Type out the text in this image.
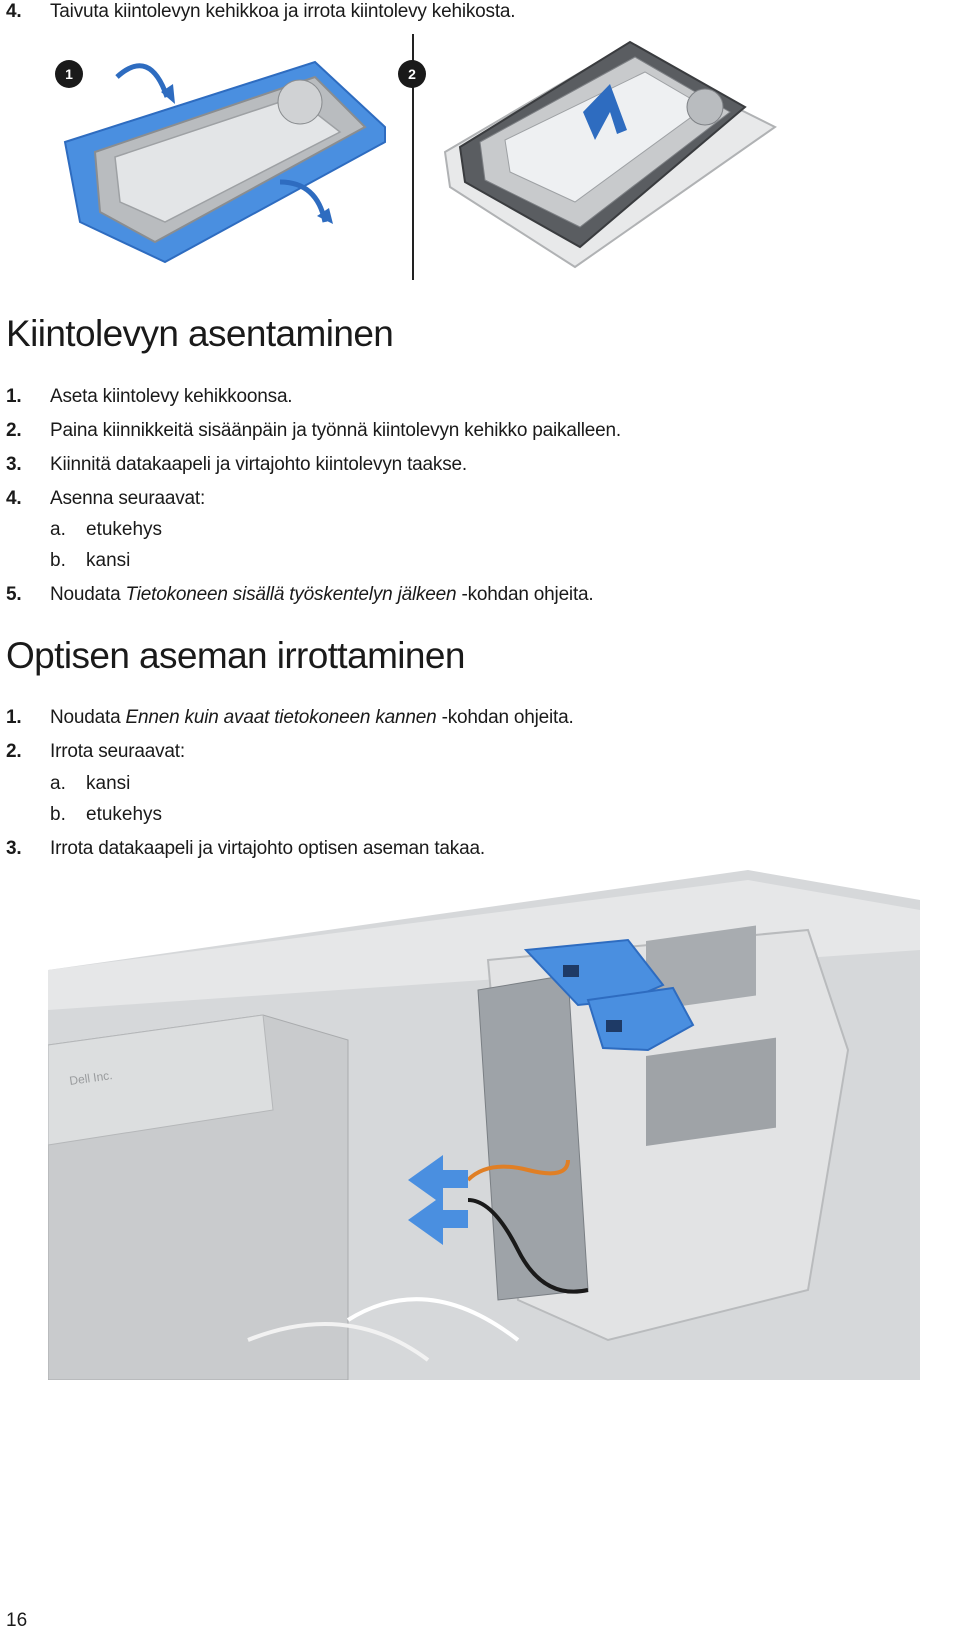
4. Taivuta kiintolevyn kehikkoa ja irrota kiintolevy kehikosta.
1	2
Kiintolevyn asentaminen
1. Aseta kiintolevy kehikkoonsa.
2. Paina kiinnikkeitä sisäänpäin ja työnnä kiintolevyn kehikko paikalleen.
3. Kiinnitä datakaapeli ja virtajohto kiintolevyn taakse.
4. Asenna seuraavat:
a. etukehys
b. kansi
5. Noudata Tietokoneen sisällä työskentelyn jälkeen -kohdan ohjeita.
Optisen aseman irrottaminen
1. Noudata Ennen kuin avaat tietokoneen kannen -kohdan ohjeita.
2. Irrota seuraavat:
a. kansi
b. etukehys
3. Irrota datakaapeli ja virtajohto optisen aseman takaa.
Dell Inc.
16
